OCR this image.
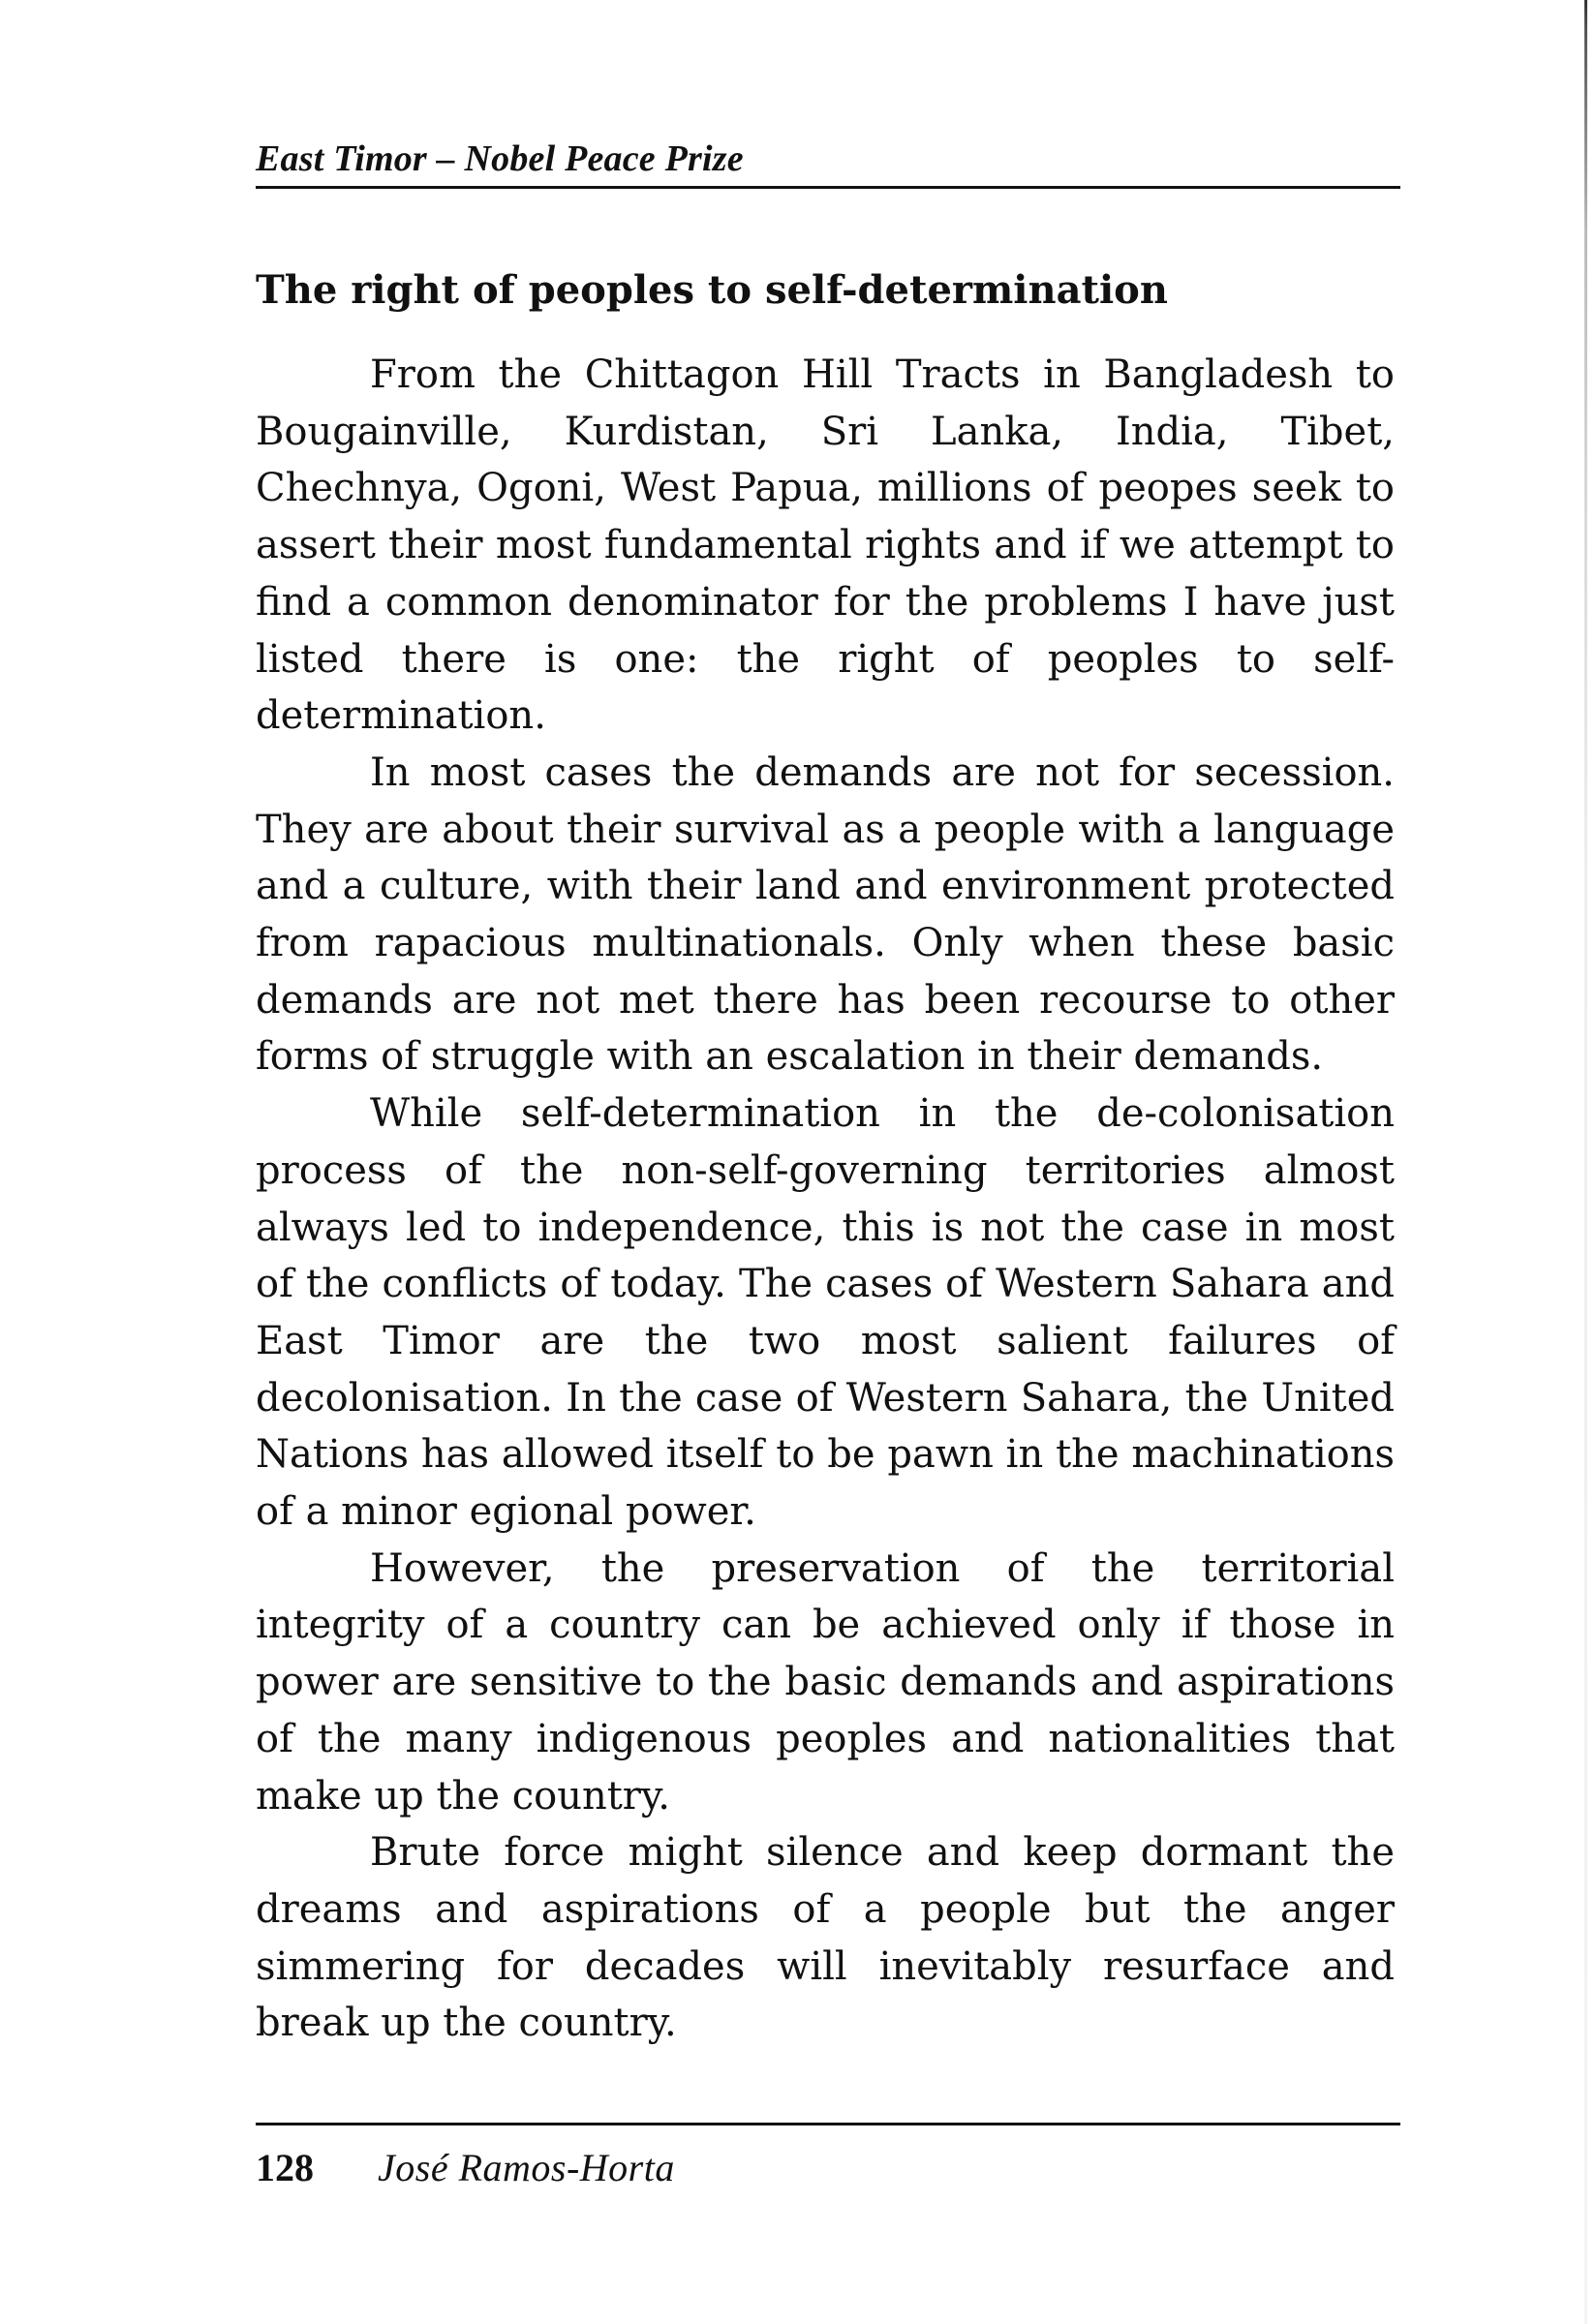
East Timor – Nobel Peace Prize
The right of peoples to self-determination

From the Chittagon Hill Tracts in Bangladesh to Bougainville, Kurdistan, Sri Lanka, India, Tibet, Chechnya, Ogoni, West Papua, millions of peopes seek to assert their most fundamental rights and if we attempt to find a common denominator for the problems I have just listed there is one: the right of peoples to self-determination.

In most cases the demands are not for secession. They are about their survival as a people with a language and a culture, with their land and environment protected from rapacious multinationals. Only when these basic demands are not met there has been recourse to other forms of struggle with an escalation in their demands.

While self-determination in the de-colonisation process of the non-self-governing territories almost always led to independence, this is not the case in most of the conflicts of today. The cases of Western Sahara and East Timor are the two most salient failures of decolonisation. In the case of Western Sahara, the United Nations has allowed itself to be pawn in the machinations of a minor egional power.

However, the preservation of the territorial integrity of a country can be achieved only if those in power are sensitive to the basic demands and aspirations of the many indigenous peoples and nationalities that make up the country.

Brute force might silence and keep dormant the dreams and aspirations of a people but the anger simmering for decades will inevitably resurface and break up the country.

128 José Ramos-Horta
